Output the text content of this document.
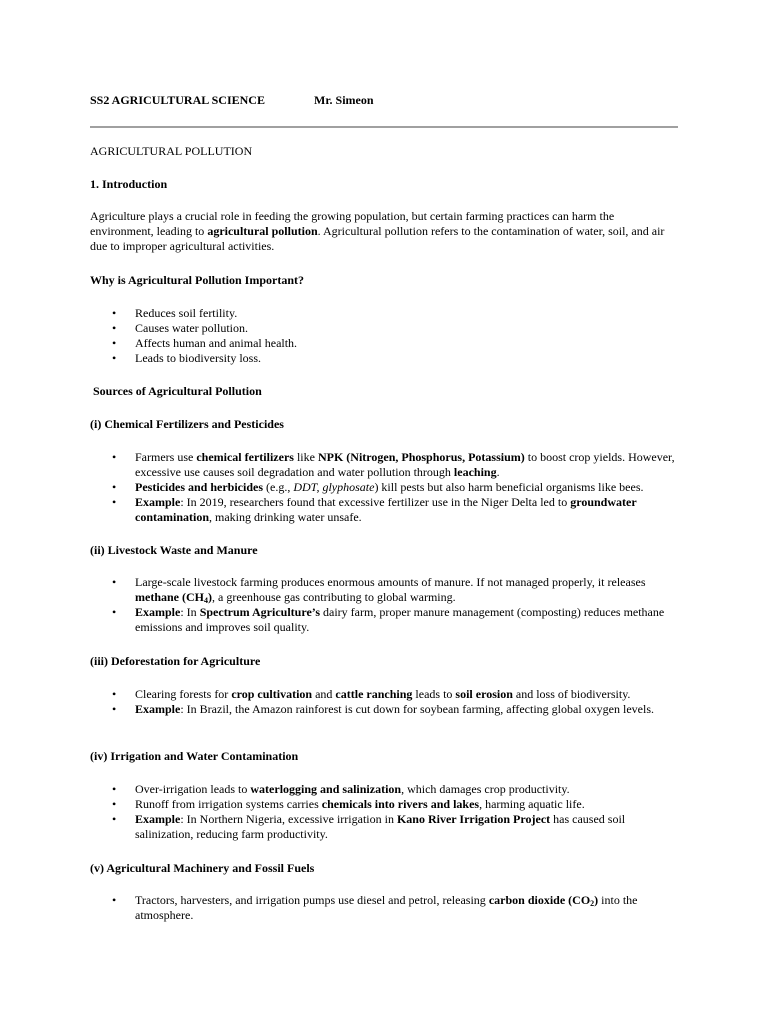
SS2 AGRICULTURAL SCIENCE	Mr. Simeon
AGRICULTURAL POLLUTION
1. Introduction

Agriculture plays a crucial role in feeding the growing population, but certain farming practices can harm the environment, leading to agricultural pollution. Agricultural pollution refers to the contamination of water, soil, and air due to improper agricultural activities.

Why is Agricultural Pollution Important?
• Reduces soil fertility.
• Causes water pollution.
• Affects human and animal health.
• Leads to biodiversity loss.
Sources of Agricultural Pollution
(i) Chemical Fertilizers and Pesticides
• Farmers use chemical fertilizers like NPK (Nitrogen, Phosphorus, Potassium) to boost crop yields. However, excessive use causes soil degradation and water pollution through leaching.
• Pesticides and herbicides (e.g., DDT, glyphosate) kill pests but also harm beneficial organisms like bees.
• Example: In 2019, researchers found that excessive fertilizer use in the Niger Delta led to groundwater contamination, making drinking water unsafe.
(ii) Livestock Waste and Manure
• Large-scale livestock farming produces enormous amounts of manure. If not managed properly, it releases methane $(CH_4)$, a greenhouse gas contributing to global warming.
• Example: In Spectrum Agriculture’s dairy farm, proper manure management (composting) reduces methane emissions and improves soil quality.
(iii) Deforestation for Agriculture
• Clearing forests for crop cultivation and cattle ranching leads to soil erosion and loss of biodiversity.
• Example: In Brazil, the Amazon rainforest is cut down for soybean farming, affecting global oxygen levels.
(iv) Irrigation and Water Contamination
• Over-irrigation leads to waterlogging and salinization, which damages crop productivity.
• Runoff from irrigation systems carries chemicals into rivers and lakes, harming aquatic life.
• Example: In Northern Nigeria, excessive irrigation in Kano River Irrigation Project has caused soil salinization, reducing farm productivity.
(v) Agricultural Machinery and Fossil Fuels
• Tractors, harvesters, and irrigation pumps use diesel and petrol, releasing carbon dioxide $(CO_2)$ into the atmosphere.
